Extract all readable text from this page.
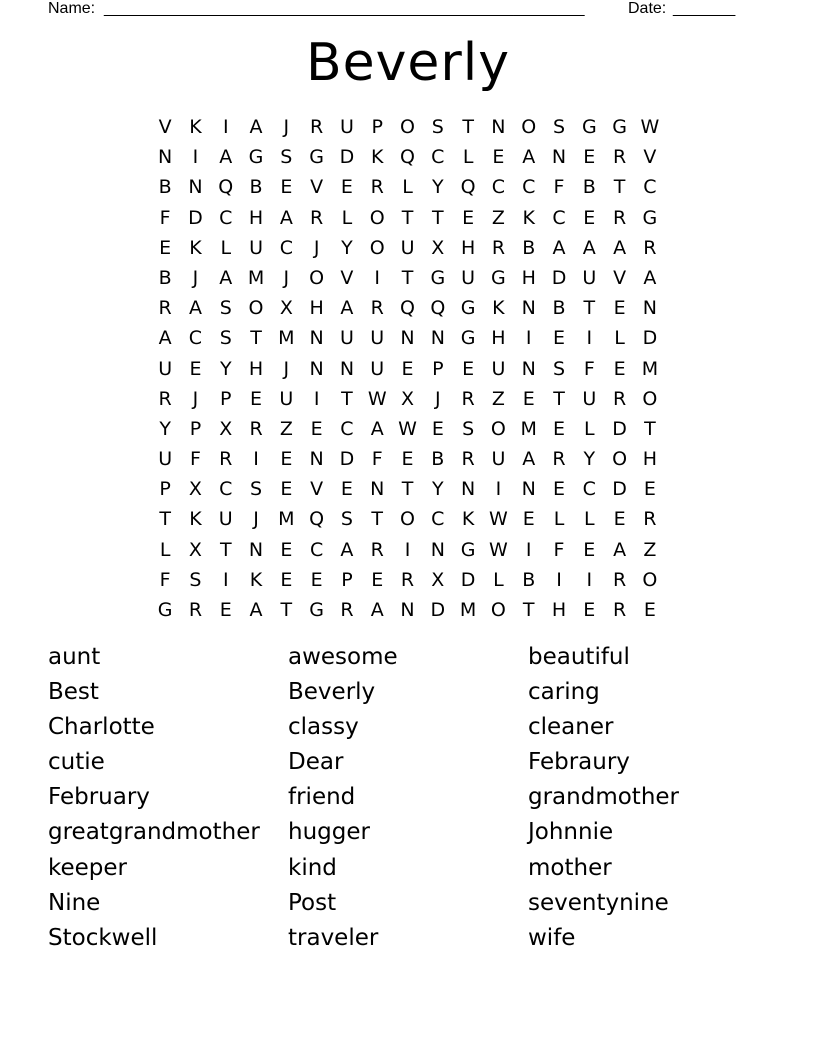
Name: ______________________________________________________	Date: _______
Beverly
V K	I	A	J	R U P O S T N O S G G W
N	I	A G S G D K Q C L	E A N E R V
B N Q B E V E R L	Y Q C C F B T C
F D C H A R L O T T E Z K C E R G
E K L U C	J	Y O U X H R B A A A R
B	J	A M	J	O V	I	T G U G H D U V A
R A S O X H A R Q Q G K N B T E N
A C S T M N U U N N G H	I	E	I	L D
U E Y H	J	N N U E P E U N S F E M
R	J	P E U	I	T W X	J	R Z E T U R O
Y P X R Z E C A W E S O M E L D T
U F R	I	E N D F E B R U A R Y O H
P X C S E V E N T Y N	I	N E C D E
T K U	J	M Q S T O C K W E L	L	E R
L X T N E C A R	I	N G W I	F E A Z
F S	I	K E E P E R X D L B	I	I	R O
G R E A T G R A N D M O T H E R E
aunt	awesome	beautiful
Best	Beverly	caring
Charlotte	classy	cleaner
cutie	Dear	Febraury
February	friend	grandmother
greatgrandmother	hugger	Johnnie
keeper	kind	mother
Nine	Post	seventynine
Stockwell	traveler	wife
